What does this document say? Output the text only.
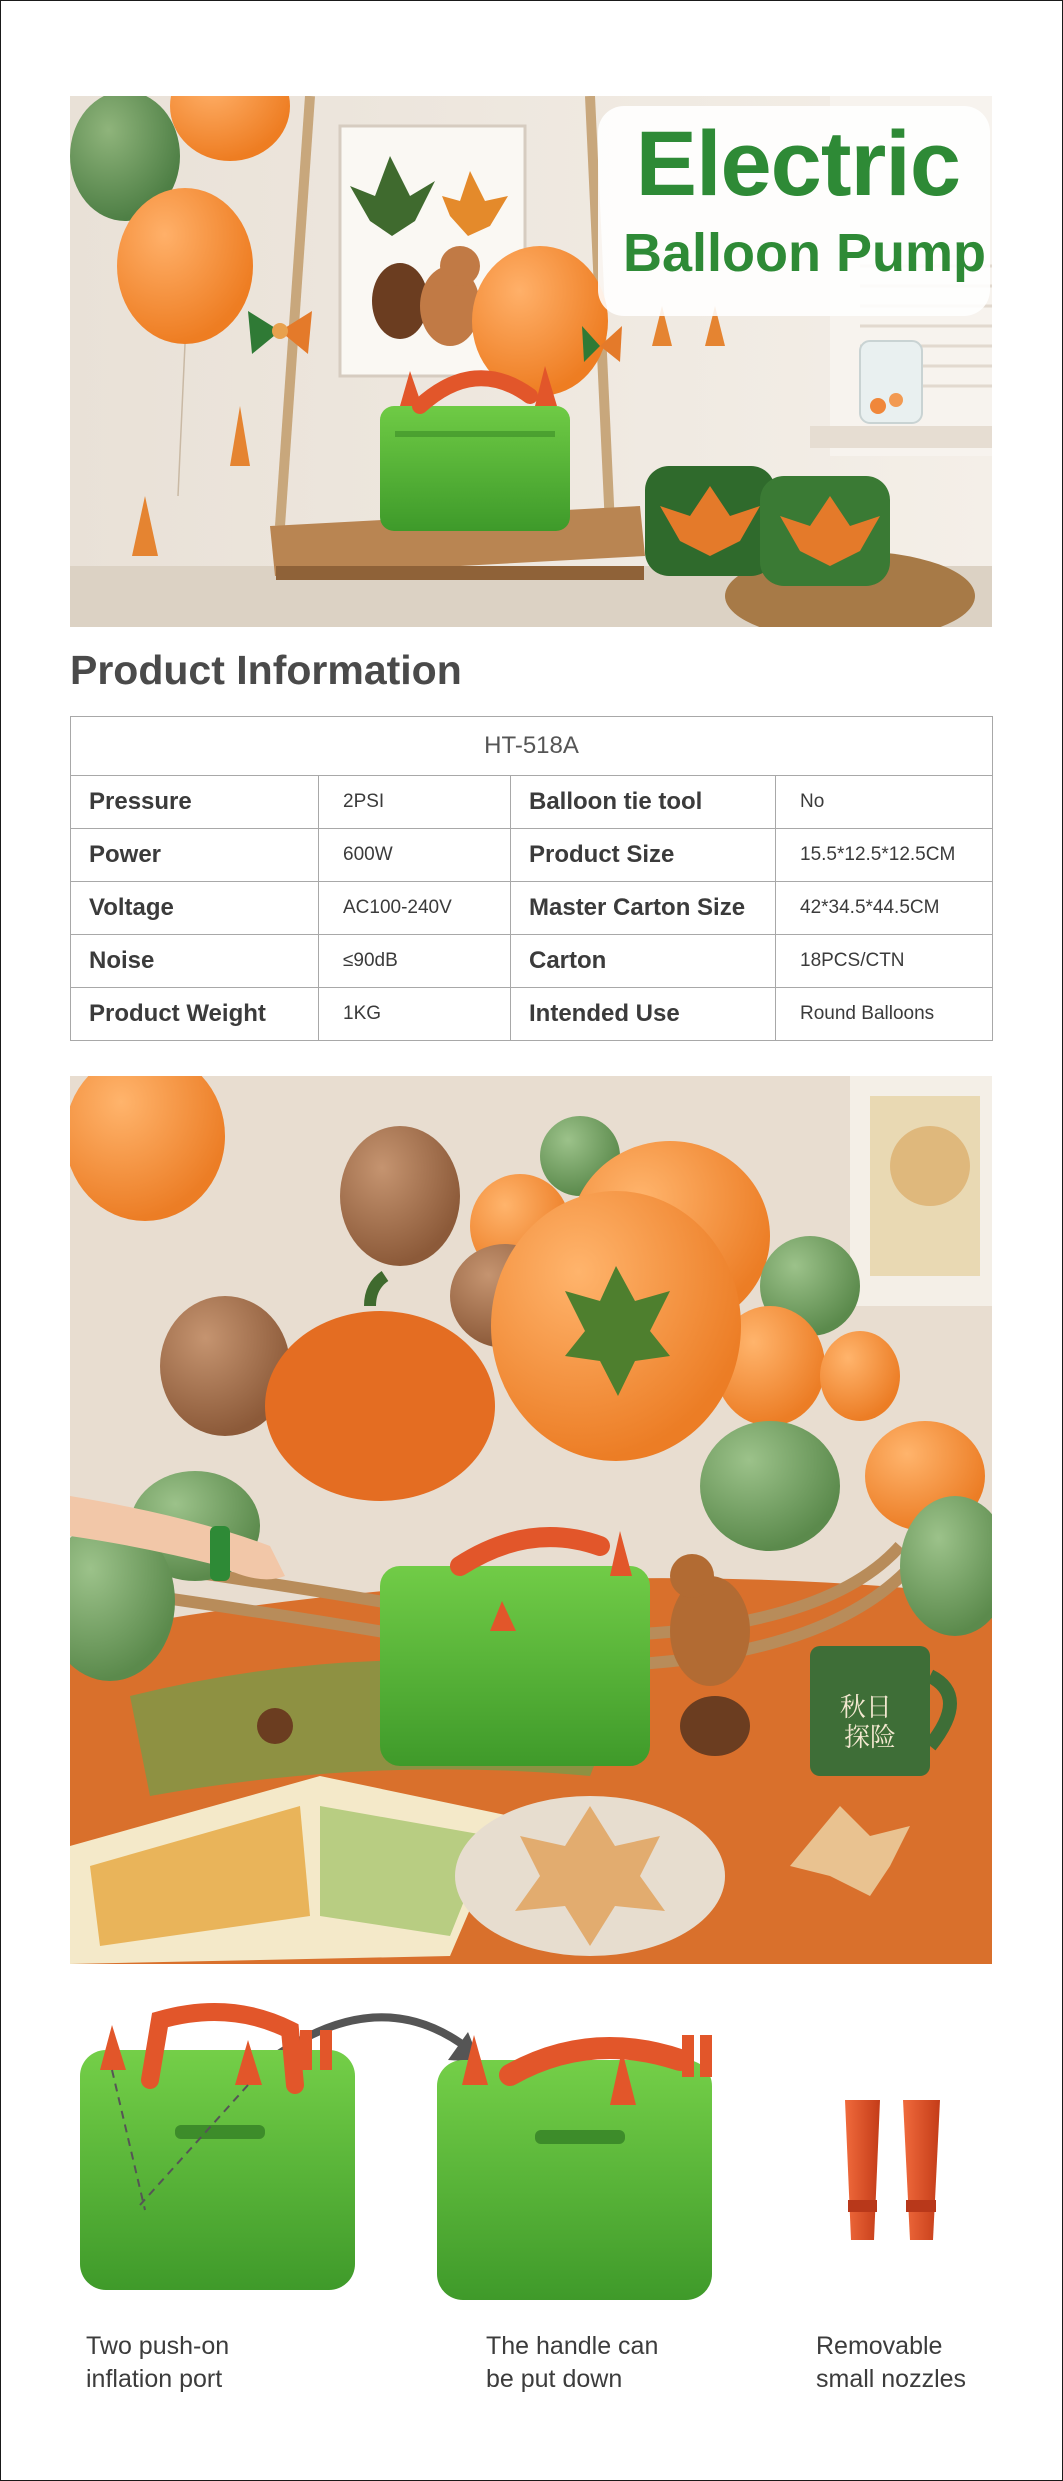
Electric
Balloon Pump
Product Information
HT-518A			
Pressure	2PSI	Balloon tie tool	No
Power	600W	Product Size	15.5*12.5*12.5CM
Voltage	AC100-240V	Master Carton Size	42*34.5*44.5CM
Noise	≤90dB	Carton	18PCS/CTN
Product Weight	1KG	Intended Use	Round Balloons
秋日 探险
Two push-on
inflation port
The handle can
be put down
Removable
small nozzles
